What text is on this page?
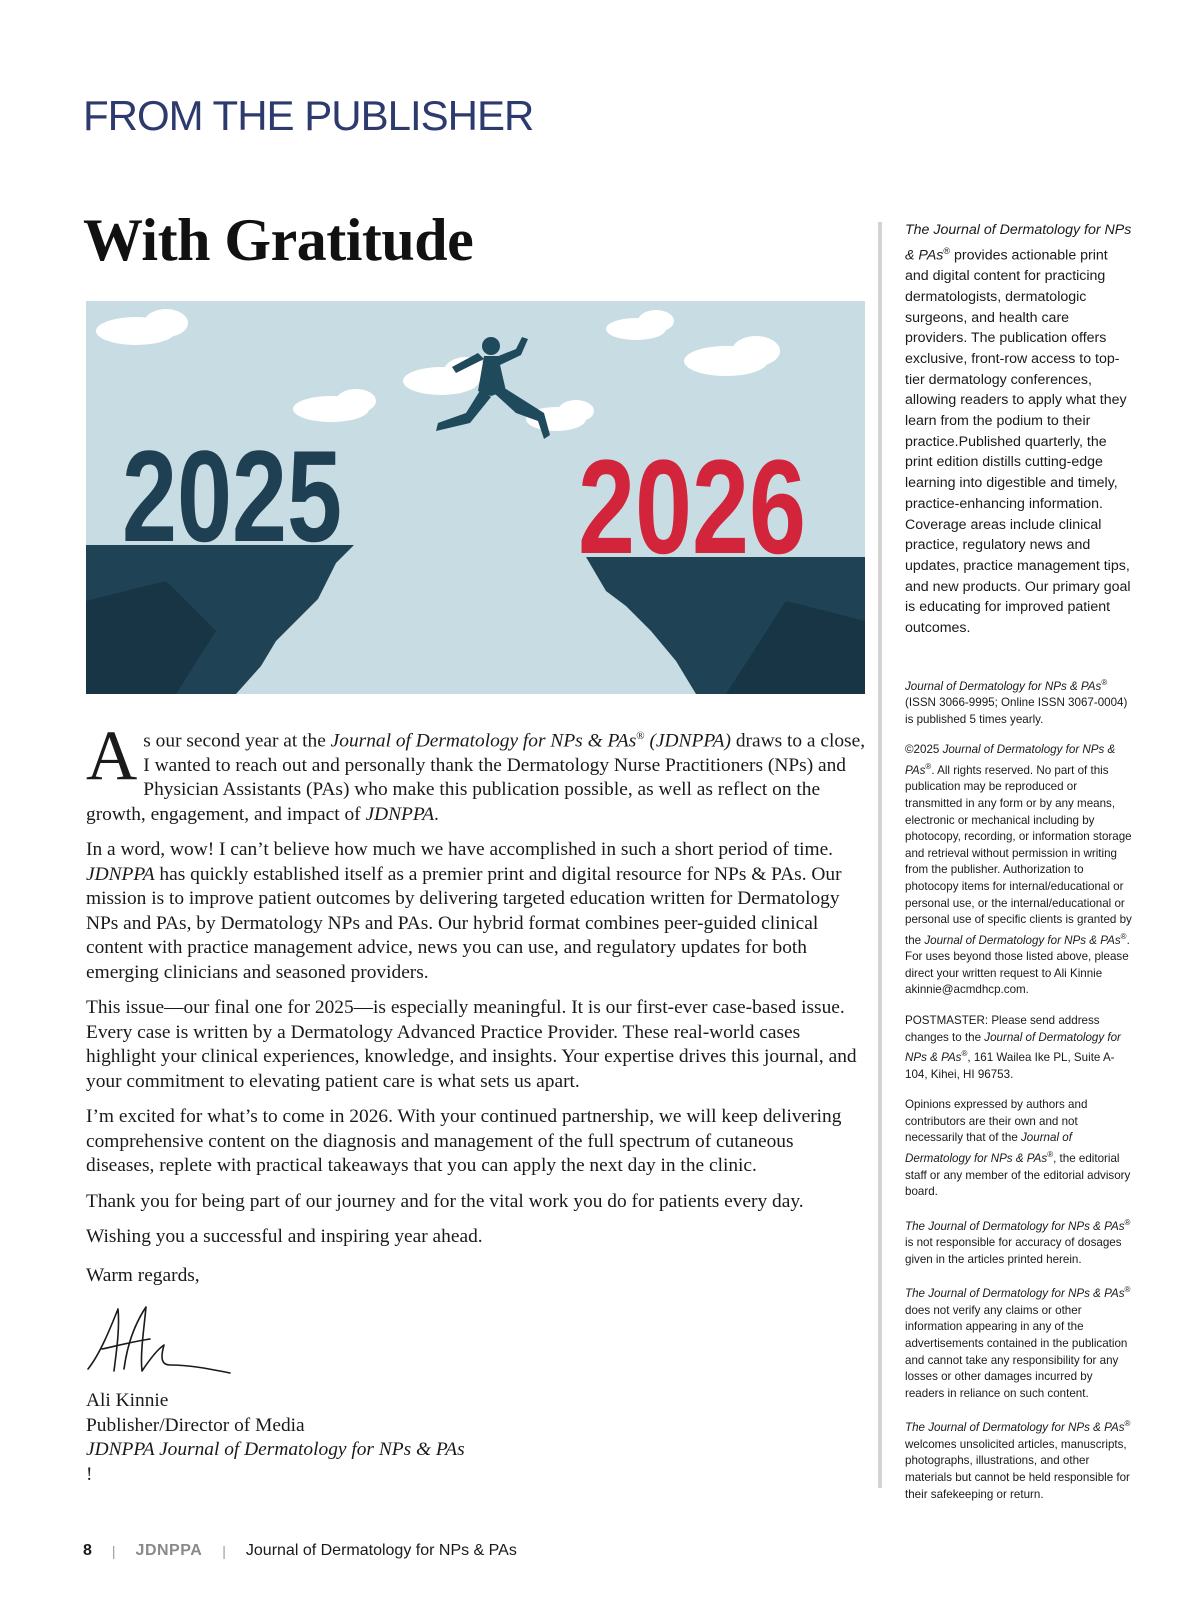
FROM THE PUBLISHER
With Gratitude
2025 2026

As our second year at the Journal of Dermatology for NPs & PAs® (JDNPPA) draws to a close, I wanted to reach out and personally thank the Dermatology Nurse Practitioners (NPs) and Physician Assistants (PAs) who make this publication possible, as well as reflect on the growth, engagement, and impact of JDNPPA.

In a word, wow! I can’t believe how much we have accomplished in such a short period of time. JDNPPA has quickly established itself as a premier print and digital resource for NPs & PAs. Our mission is to improve patient outcomes by delivering targeted education written for Dermatology NPs and PAs, by Dermatology NPs and PAs. Our hybrid format combines peer-guided clinical content with practice management advice, news you can use, and regulatory updates for both emerging clinicians and seasoned providers.

This issue—our final one for 2025—is especially meaningful. It is our first-ever case-based issue. Every case is written by a Dermatology Advanced Practice Provider. These real-world cases highlight your clinical experiences, knowledge, and insights. Your expertise drives this journal, and your commitment to elevating patient care is what sets us apart.

I’m excited for what’s to come in 2026. With your continued partnership, we will keep delivering comprehensive content on the diagnosis and management of the full spectrum of cutaneous diseases, replete with practical takeaways that you can apply the next day in the clinic.

Thank you for being part of our journey and for the vital work you do for patients every day.

Wishing you a successful and inspiring year ahead.

Warm regards,

Ali Kinnie
Publisher/Director of Media
JDNPPA Journal of Dermatology for NPs & PAs
!

The Journal of Dermatology for NPs & PAs® provides actionable print and digital content for practicing dermatologists, dermatologic surgeons, and health care providers. The publication offers exclusive, front-row access to top-tier dermatology conferences, allowing readers to apply what they learn from the podium to their practice.Published quarterly, the print edition distills cutting-edge learning into digestible and timely, practice-enhancing information. Coverage areas include clinical practice, regulatory news and updates, practice management tips, and new products. Our primary goal is educating for improved patient outcomes.

Journal of Dermatology for NPs & PAs® (ISSN 3066-9995; Online ISSN 3067-0004) is published 5 times yearly.

©2025 Journal of Dermatology for NPs & PAs®. All rights reserved. No part of this publication may be reproduced or transmitted in any form or by any means, electronic or mechanical including by photocopy, recording, or information storage and retrieval without permission in writing from the publisher. Authorization to photocopy items for internal/educational or personal use, or the internal/educational or personal use of specific clients is granted by the Journal of Dermatology for NPs & PAs®. For uses beyond those listed above, please direct your written request to Ali Kinnie akinnie@acmdhcp.com.

POSTMASTER: Please send address changes to the Journal of Dermatology for NPs & PAs®, 161 Wailea Ike PL, Suite A-104, Kihei, HI 96753.

Opinions expressed by authors and contributors are their own and not necessarily that of the Journal of Dermatology for NPs & PAs®, the editorial staff or any member of the editorial advisory board.

The Journal of Dermatology for NPs & PAs® is not responsible for accuracy of dosages given in the articles printed herein.

The Journal of Dermatology for NPs & PAs® does not verify any claims or other information appearing in any of the advertisements contained in the publication and cannot take any responsibility for any losses or other damages incurred by readers in reliance on such content.

The Journal of Dermatology for NPs & PAs® welcomes unsolicited articles, manuscripts, photographs, illustrations, and other materials but cannot be held responsible for their safekeeping or return.

8 | JDNPPA | Journal of Dermatology for NPs & PAs
